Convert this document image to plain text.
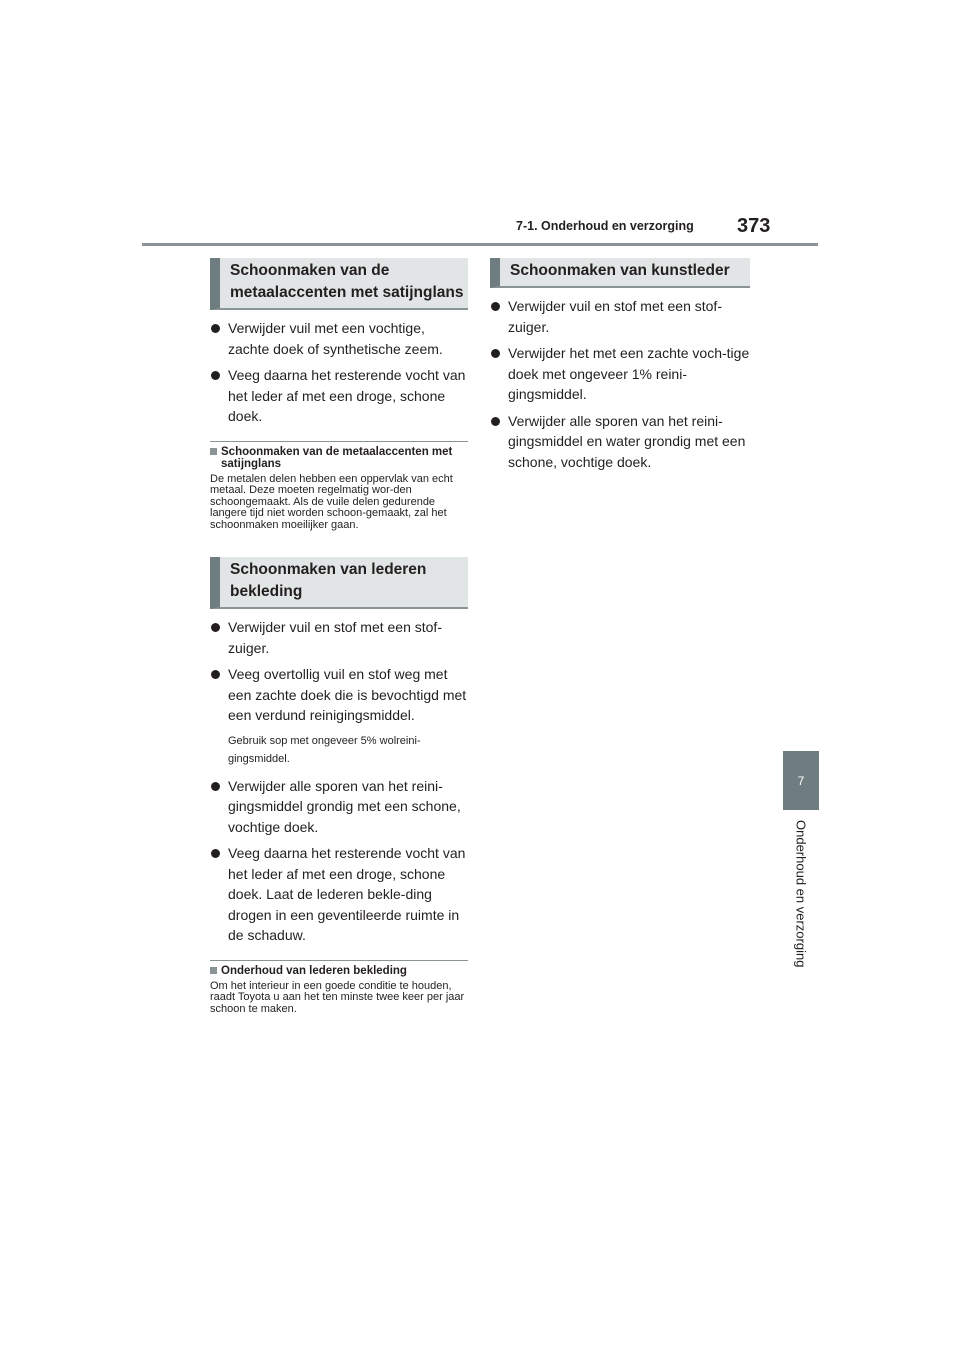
7-1. Onderhoud en verzorging 373
7
Onderhoud en verzorging
Schoonmaken van de metaalaccenten met satijnglans
Verwijder vuil met een vochtige, zachte doek of synthetische zeem.
Veeg daarna het resterende vocht van het leder af met een droge, schone doek.
Schoonmaken van de metaalaccenten met satijnglans
De metalen delen hebben een oppervlak van echt metaal. Deze moeten regelmatig wor-den schoongemaakt. Als de vuile delen gedurende langere tijd niet worden schoon-gemaakt, zal het schoonmaken moeilijker gaan.
Schoonmaken van lederen bekleding
Verwijder vuil en stof met een stof-zuiger.
Veeg overtollig vuil en stof weg met een zachte doek die is bevochtigd met een verdund reinigingsmiddel.
Gebruik sop met ongeveer 5% wolreini-gingsmiddel.
Verwijder alle sporen van het reini-gingsmiddel grondig met een schone, vochtige doek.
Veeg daarna het resterende vocht van het leder af met een droge, schone doek. Laat de lederen bekle-ding drogen in een geventileerde ruimte in de schaduw.
Onderhoud van lederen bekleding
Om het interieur in een goede conditie te houden, raadt Toyota u aan het ten minste twee keer per jaar schoon te maken.
Schoonmaken van kunstleder
Verwijder vuil en stof met een stof-zuiger.
Verwijder het met een zachte voch-tige doek met ongeveer 1% reini-gingsmiddel.
Verwijder alle sporen van het reini-gingsmiddel en water grondig met een schone, vochtige doek.
